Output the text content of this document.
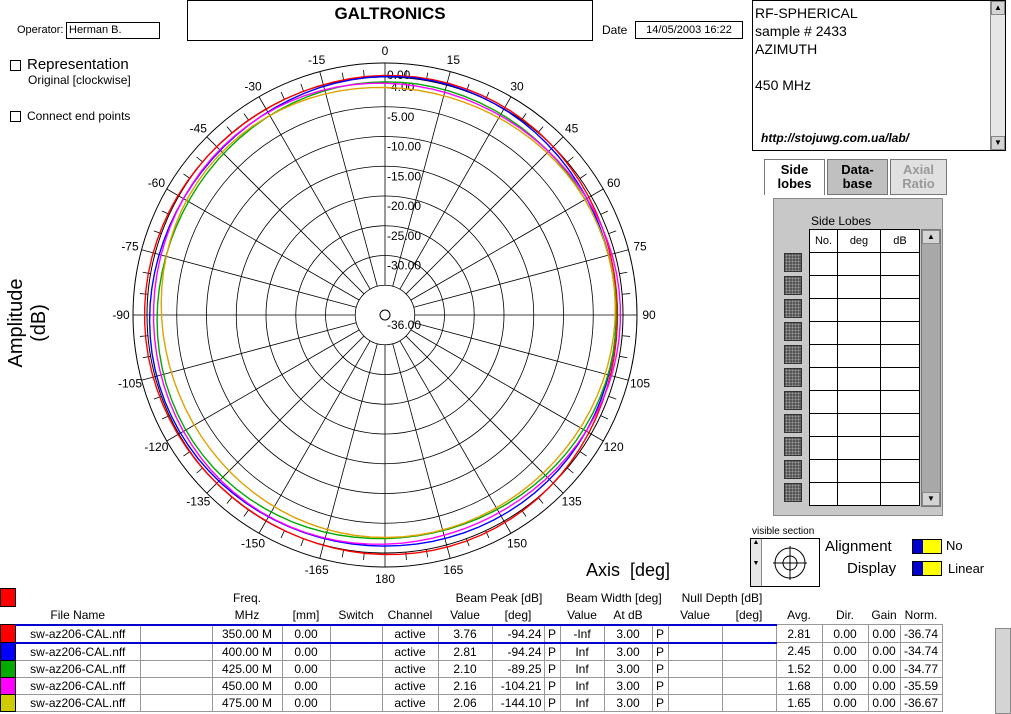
Operator: Herman B.
GALTRONICS
Date	14/05/2003 16:22
RF-SPHERICAL
sample # 2433
AZIMUTH
450 MHz
http://stojuwg.com.ua/lab/
▲
▼
Representation
Original [clockwise]
Connect end points
Amplitude (dB)
0
15
30
45
60
75
90
105
120
135
150
165
180
-165
-150
-135
-120
-105
-90
-75
-60
-45
-30
-15
0.00
-4.00
-5.00
-10.00
-15.00
-20.00
-25.00
-30.00
-36.00
Axis  [deg]
Side
lobes
Data-
base
Axial
Ratio
Side Lobes
No.	deg	dB

			▲
▼
visible section
▲

▼
Alignment	No
Display	Linear
			Freq.				Beam Peak [dB]			Beam Width [deg]			Null Depth [dB]					
	File Name		MHz	[mm]	Switch	Channel	Value	[deg]		Value	At dB		Value	[deg]	Avg.	Dir.	Gain	Norm.
	sw-az206-CAL.nff		350.00 M	0.00		active	3.76	-94.24	P	-Inf	3.00	P			2.81	0.00	0.00	-36.74
	sw-az206-CAL.nff		400.00 M	0.00		active	2.81	-94.24	P	Inf	3.00	P			2.45	0.00	0.00	-34.74
	sw-az206-CAL.nff		425.00 M	0.00		active	2.10	-89.25	P	Inf	3.00	P			1.52	0.00	0.00	-34.77
	sw-az206-CAL.nff		450.00 M	0.00		active	2.16	-104.21	P	Inf	3.00	P			1.68	0.00	0.00	-35.59
	sw-az206-CAL.nff		475.00 M	0.00		active	2.06	-144.10	P	Inf	3.00	P			1.65	0.00	0.00	-36.67
